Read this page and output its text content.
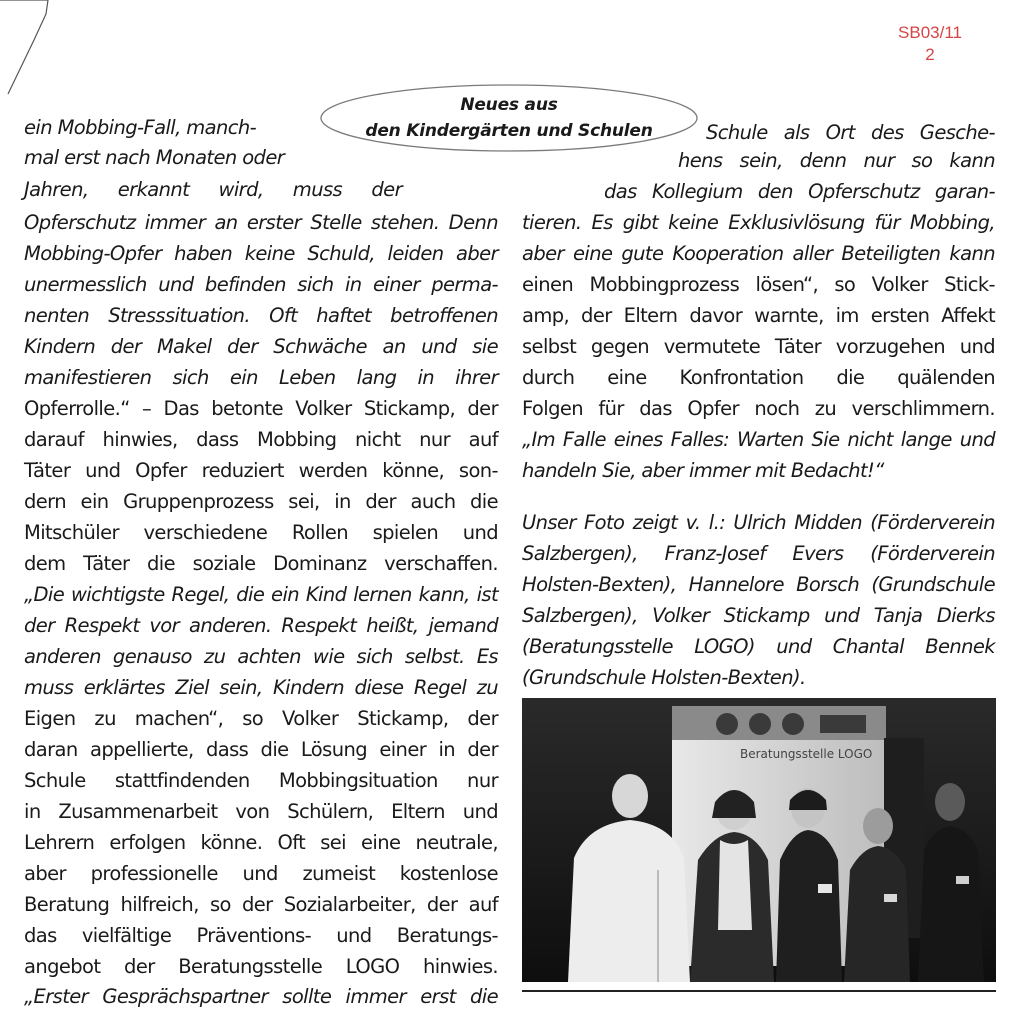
SB03/11
2
Neues aus
den Kindergärten und Schulen
ein Mobbing-Fall, manch-
mal erst nach Monaten oder
Jahren, erkannt wird, muss der
Opferschutz immer an erster Stelle stehen. Denn
Mobbing-Opfer haben keine Schuld, leiden aber
unermesslich und befinden sich in einer perma-
nenten Stresssituation. Oft haftet betroffenen
Kindern der Makel der Schwäche an und sie
manifestieren sich ein Leben lang in ihrer
Opferrolle.“ – Das betonte Volker Stickamp, der
darauf hinwies, dass Mobbing nicht nur auf
Täter und Opfer reduziert werden könne, son-
dern ein Gruppenprozess sei, in der auch die
Mitschüler verschiedene Rollen spielen und
dem Täter die soziale Dominanz verschaffen.
„Die wichtigste Regel, die ein Kind lernen kann, ist
der Respekt vor anderen. Respekt heißt, jemand
anderen genauso zu achten wie sich selbst. Es
muss erklärtes Ziel sein, Kindern diese Regel zu
Eigen zu machen“, so Volker Stickamp, der
daran appellierte, dass die Lösung einer in der
Schule stattfindenden Mobbingsituation nur
in Zusammenarbeit von Schülern, Eltern und
Lehrern erfolgen könne. Oft sei eine neutrale,
aber professionelle und zumeist kostenlose
Beratung hilfreich, so der Sozialarbeiter, der auf
das vielfältige Präventions- und Beratungs-
angebot der Beratungsstelle LOGO hinwies.
„Erster Gesprächspartner sollte immer erst die
Schule als Ort des Gesche-
hens sein, denn nur so kann
das Kollegium den Opferschutz garan-
tieren. Es gibt keine Exklusivlösung für Mobbing,
aber eine gute Kooperation aller Beteiligten kann
einen Mobbingprozess lösen“, so Volker Stick-
amp, der Eltern davor warnte, im ersten Affekt
selbst gegen vermutete Täter vorzugehen und
durch eine Konfrontation die quälenden
Folgen für das Opfer noch zu verschlimmern.
„Im Falle eines Falles: Warten Sie nicht lange und
handeln Sie, aber immer mit Bedacht!“
Unser Foto zeigt v. l.: Ulrich Midden (Förderverein
Salzbergen), Franz-Josef Evers (Förderverein
Holsten-Bexten), Hannelore Borsch (Grundschule
Salzbergen), Volker Stickamp und Tanja Dierks
(Beratungsstelle LOGO) und Chantal Bennek
(Grundschule Holsten-Bexten).
Beratungsstelle LOGO
